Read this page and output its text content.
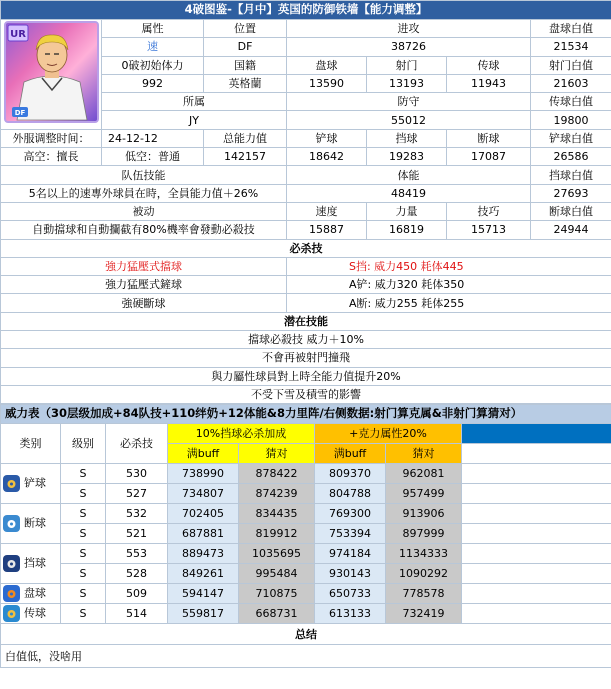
4破图鉴-【月中】英国的防御铁墙【能力调整】						

UR
DF	属性	位置	进攻			盘球白值
	速	DF	38726			21534
	0破初始体力	国籍	盘球	射门	传球	射门白值
	992	英格蘭	13590	13193	11943	21603
	所属		防守			传球白值
	JY		55012			19800
外服调整时间：	24-12-12	总能力值	铲球	挡球	断球	铲球白值
高空：擅長	低空：普通	142157	18642	19283	17087	26586
队伍技能			体能			挡球白值
5名以上的速專外球員在時，全員能力值＋26%			48419			27693
被动			速度	力量	技巧	断球白值
自動擋球和自動攔截有80%機率會發動必殺技			15887	16819	15713	24944
必杀技						
強力猛壓式擋球			S挡: 威力450 耗体445			
強力猛壓式鏟球			A铲: 威力320 耗体350			
強硬斷球			A断: 威力255 耗体255			
潜在技能						
擋球必殺技 威力＋10%						
不會再被射門撞飛						
與力屬性球員對上時全能力值提升20%						
不受下雪及積雪的影響						
威力表（30层级加成+84队技+110绊奶+12体能&8力里阵/右侧数据:射门算克属&非射门算猜对）							
类别	级别	必杀技	10%挡球必杀加成		+克力属性20%		
			满buff	猜对	满buff	猜对	
铲球	S	530	738990	878422	809370	962081	
	S	527	734807	874239	804788	957499	
断球	S	532	702405	834435	769300	913906	
	S	521	687881	819912	753394	897999	
挡球	S	553	889473	1035695	974184	1134333	
	S	528	849261	995484	930143	1090292	
盘球	S	509	594147	710875	650733	778578	
传球	S	514	559817	668731	613133	732419	
总结							
白值低，没啥用							
